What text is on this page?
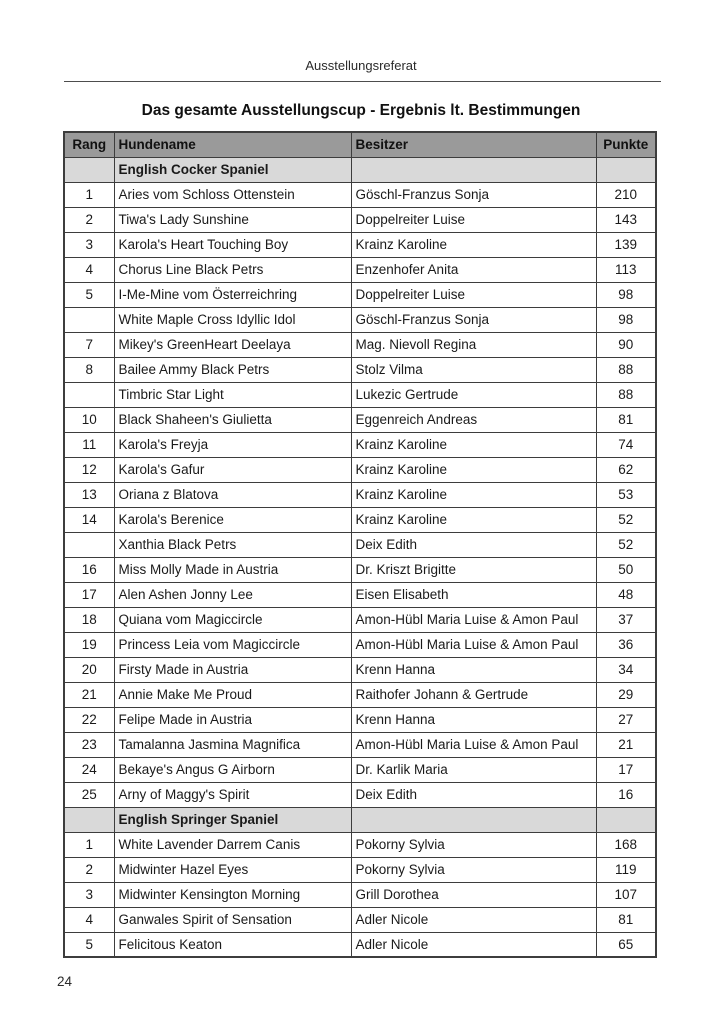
Ausstellungsreferat
Das gesamte Ausstellungscup - Ergebnis lt. Bestimmungen
Rang	Hundename	Besitzer	Punkte
	English Cocker Spaniel		
1	Aries vom Schloss Ottenstein	Göschl-Franzus Sonja	210
2	Tiwa's Lady Sunshine	Doppelreiter Luise	143
3	Karola's Heart Touching Boy	Krainz Karoline	139
4	Chorus Line Black Petrs	Enzenhofer Anita	113
5	I-Me-Mine vom Österreichring	Doppelreiter Luise	98
	White Maple Cross Idyllic Idol	Göschl-Franzus Sonja	98
7	Mikey's GreenHeart Deelaya	Mag. Nievoll Regina	90
8	Bailee Ammy Black Petrs	Stolz Vilma	88
	Timbric Star Light	Lukezic Gertrude	88
10	Black Shaheen's Giulietta	Eggenreich Andreas	81
11	Karola's Freyja	Krainz Karoline	74
12	Karola's Gafur	Krainz Karoline	62
13	Oriana z Blatova	Krainz Karoline	53
14	Karola's Berenice	Krainz Karoline	52
	Xanthia Black Petrs	Deix Edith	52
16	Miss Molly Made in Austria	Dr. Kriszt Brigitte	50
17	Alen Ashen Jonny Lee	Eisen Elisabeth	48
18	Quiana vom Magiccircle	Amon-Hübl Maria Luise & Amon Paul	37
19	Princess Leia vom Magiccircle	Amon-Hübl Maria Luise & Amon Paul	36
20	Firsty Made in Austria	Krenn Hanna	34
21	Annie Make Me Proud	Raithofer Johann & Gertrude	29
22	Felipe Made in Austria	Krenn Hanna	27
23	Tamalanna Jasmina Magnifica	Amon-Hübl Maria Luise & Amon Paul	21
24	Bekaye's Angus G Airborn	Dr. Karlik Maria	17
25	Arny of Maggy's Spirit	Deix Edith	16
	English Springer Spaniel		
1	White Lavender Darrem Canis	Pokorny Sylvia	168
2	Midwinter Hazel Eyes	Pokorny Sylvia	119
3	Midwinter Kensington Morning	Grill Dorothea	107
4	Ganwales Spirit of Sensation	Adler Nicole	81
5	Felicitous Keaton	Adler Nicole	65
24
